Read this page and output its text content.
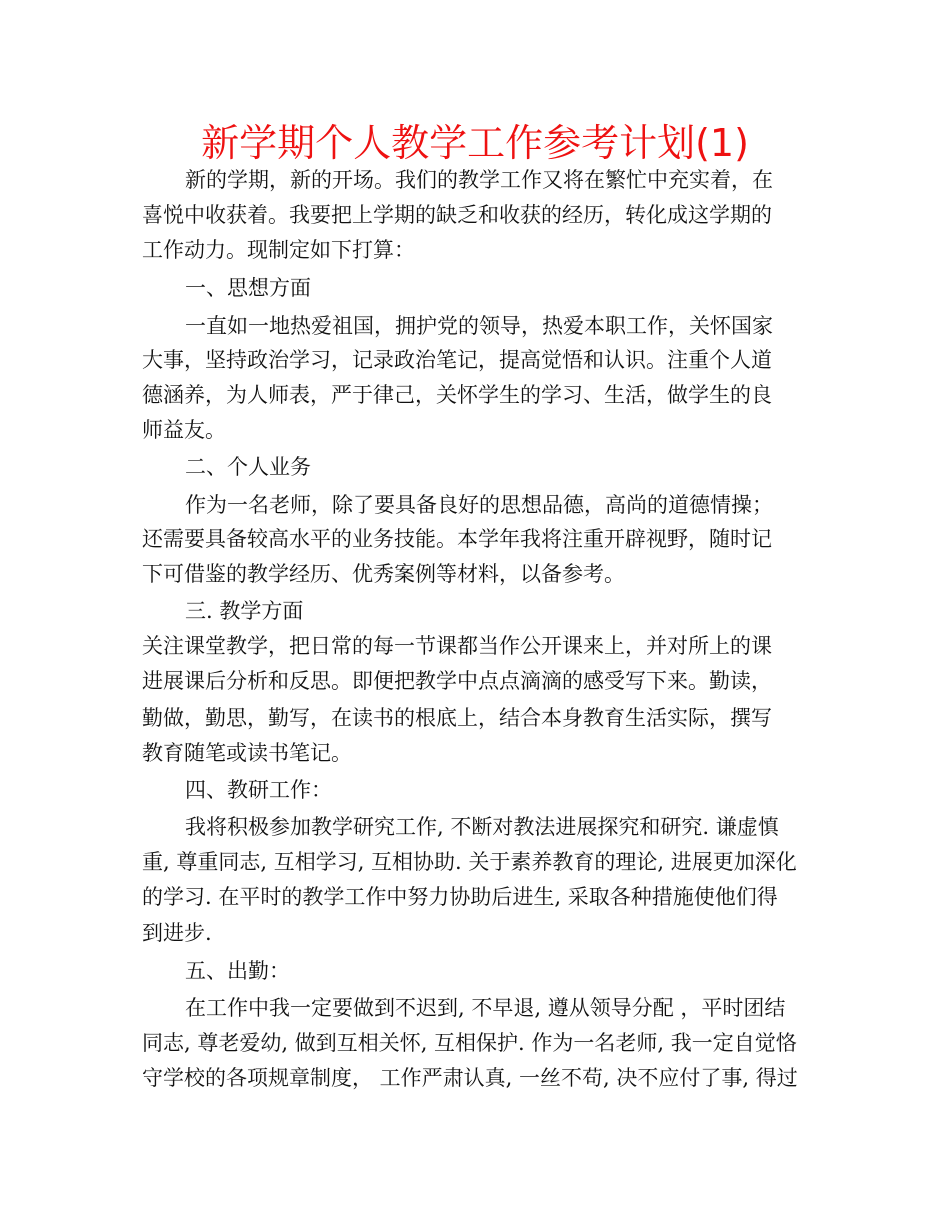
新学期个人教学工作参考计划(1)
新的学期，新的开场。我们的教学工作又将在繁忙中充实着，在
喜悦中收获着。我要把上学期的缺乏和收获的经历，转化成这学期的
工作动力。现制定如下打算：
一、思想方面
一直如一地热爱祖国，拥护党的领导，热爱本职工作，关怀国家
大事，坚持政治学习，记录政治笔记，提高觉悟和认识。注重个人道
德涵养，为人师表，严于律己，关怀学生的学习、生活，做学生的良
师益友。
二、个人业务
作为一名老师，除了要具备良好的思想品德，高尚的道德情操；
还需要具备较高水平的业务技能。本学年我将注重开辟视野，随时记
下可借鉴的教学经历、优秀案例等材料，以备参考。
三. 教学方面
关注课堂教学，把日常的每一节课都当作公开课来上，并对所上的课
进展课后分析和反思。即便把教学中点点滴滴的感受写下来。勤读，
勤做，勤思，勤写，在读书的根底上，结合本身教育生活实际，撰写
教育随笔或读书笔记。
四、教研工作：
我将积极参加教学研究工作, 不断对教法进展探究和研究. 谦虚慎
重, 尊重同志, 互相学习, 互相协助. 关于素养教育的理论, 进展更加深化
的学习. 在平时的教学工作中努力协助后进生, 采取各种措施使他们得
到进步.
五、出勤：
在工作中我一定要做到不迟到, 不早退, 遵从领导分配 ，平时团结
同志, 尊老爱幼, 做到互相关怀, 互相保护. 作为一名老师, 我一定自觉恪
守学校的各项规章制度， 工作严肃认真, 一丝不苟, 决不应付了事, 得过
